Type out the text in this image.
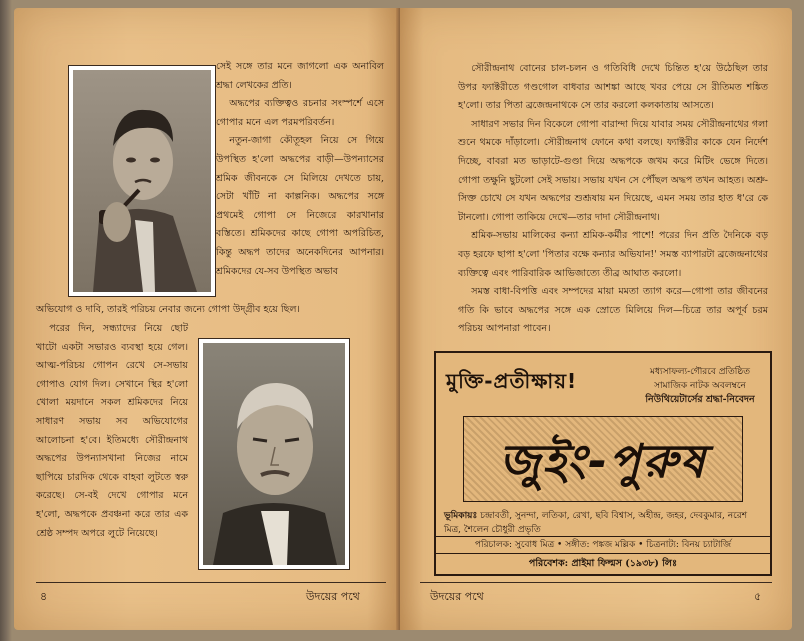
সেই সঙ্গে তার মনে জাগলো এক অনাবিল শ্রদ্ধা লেখকের প্রতি।

অদ্ধপের ব্যক্তিত্বও রচনার সংস্পর্শে এসে গোপার মনে এল পরমপরিবর্তন।

নতুন-জাগা কৌতূহল নিয়ে সে গিয়ে উপস্থিত হ'লো অদ্ধপের বাড়ী—উপন্যাসের শ্রমিক জীবনকে সে মিলিয়ে দেখতে চায়, সেটা খাঁটি না কাল্পনিক। অদ্ধপের সঙ্গে প্রথমেই গোপা সে নিজেরে কারখানার বস্তিতে। শ্রমিকদের কাছে গোপা অপরিচিত, কিন্তু অদ্ধপ তাদের অনেকদিনের আপনার। শ্রমিকদের যে-সব উপস্থিত অভাব

অভিযোগ ও দাবি, তারই পরিচয় নেবার জন্যে গোপা উদ্গ্রীব হয়ে ছিল।

পরের দিন, সন্ধ্যাদের নিয়ে ছোট খাটো একটা সভারও ব্যবস্থা হয়ে গেল। আত্ম-পরিচয় গোপন রেখে সে-সভায় গোপাও যোগ দিল। সেখানে স্থির হ'লো খোলা ময়দানে সকল শ্রমিকদের নিয়ে সাধারণ সভায় সব অভিযোগের আলোচনা হ'বে। ইতিমধ্যে সৌরীন্দ্রনাথ অদ্ধপের উপন্যাসখানা নিজের নামে ছাপিয়ে চারদিক থেকে বাহবা লুটতে স্বরু করেছে। সে-বই দেখে গোপার মনে হ'লো, অদ্ধপকে প্রবঞ্চনা করে তার এক শ্রেষ্ঠ সম্পদ অপরে লুটে নিয়েছে।

৪	উদয়ের পথে

সৌরীন্দ্রনাথ বোনের চাল-চলন ও গতিবিধি দেখে চিন্তিত হ'য়ে উঠেছিল তার উপর ফ্যাক্টরীতে গণ্ডগোল বাধবার আশঙ্কা আছে খবর পেয়ে সে রীতিমত শঙ্কিত হ'লো। তার পিতা ব্রজেন্দ্রনাথকে সে তার করলো কলকাতায় আসতে।

সাধারণ সভার দিন বিকেলে গোপা বারান্দা দিয়ে যাবার সময় সৌরীন্দ্রনাথের গলা শুনে থমকে দাঁড়ালো। সৌরীন্দ্রনাথ ফোনে কথা বলছে। ফ্যাক্টরীর কাকে যেন নির্দেশ দিচ্ছে, বাবরা মত ভাড়াটে-গুণ্ডা দিয়ে অদ্ধপকে জখম করে মিটিং ভেঙ্গে দিতে। গোপা তক্ষুনি ছুটলো সেই সভায়। সভায় যখন সে পৌঁছল অদ্ধপ তখন আহত। অশ্রু-সিক্ত চোখে সে যখন অদ্ধপের শুশ্রূষায় মন দিয়েছে, এমন সময় তার হাত ধ'রে কে টানলো। গোপা তাকিয়ে দেখে—তার দাদা সৌরীন্দ্রনাথ।

শ্রমিক-সভায় মালিকের কন্যা শ্রমিক-কর্মীর পাশে! পরের দিন প্রতি দৈনিকে বড় বড় হরফে ছাপা হ'লো 'পিতার বক্ষে কন্যার অভিযান!' সমস্ত ব্যাপারটা ব্রজেন্দ্রনাথের ব্যক্তিত্বে এবং পারিবারিক আভিজাত্যে তীব্র আঘাত করলো।

সমস্ত বাধা-বিপত্তি এবং সম্পদের মায়া মমতা ত্যাগ করে—গোপা তার জীবনের গতি কি ভাবে অদ্ধপের সঙ্গে এক স্রোতে মিলিয়ে দিল—চিত্রে তার অপূর্ব চরম পরিচয় আপনারা পাবেন।

উদয়ের পথে	৫
মুক্তি-প্রতীক্ষায়!	মধ্যসাফল্য-গৌরবে প্রতিষ্ঠিত
সামাজিক নাটক অবলম্বনে
নিউথিয়েটার্সের শ্রদ্ধা-নিবেদন
জুইং-পুরুষ
ভূমিকায়ঃ চন্দ্রাবতী, সুনন্দা, লতিকা, রেখা, ছবি বিশ্বাস, অহীন্দ্র, জহর, দেবকুমার, নরেশ মিত্র, শৈলেন চৌধুরী প্রভৃতি
পরিচালক: সুবোধ মিত্র • সঙ্গীত: পঙ্কজ মল্লিক • চিত্রনাট্য: বিনয় চ্যাটার্জি
পরিবেশক: প্রাইমা ফিল্মস (১৯৩৮) লিঃ
